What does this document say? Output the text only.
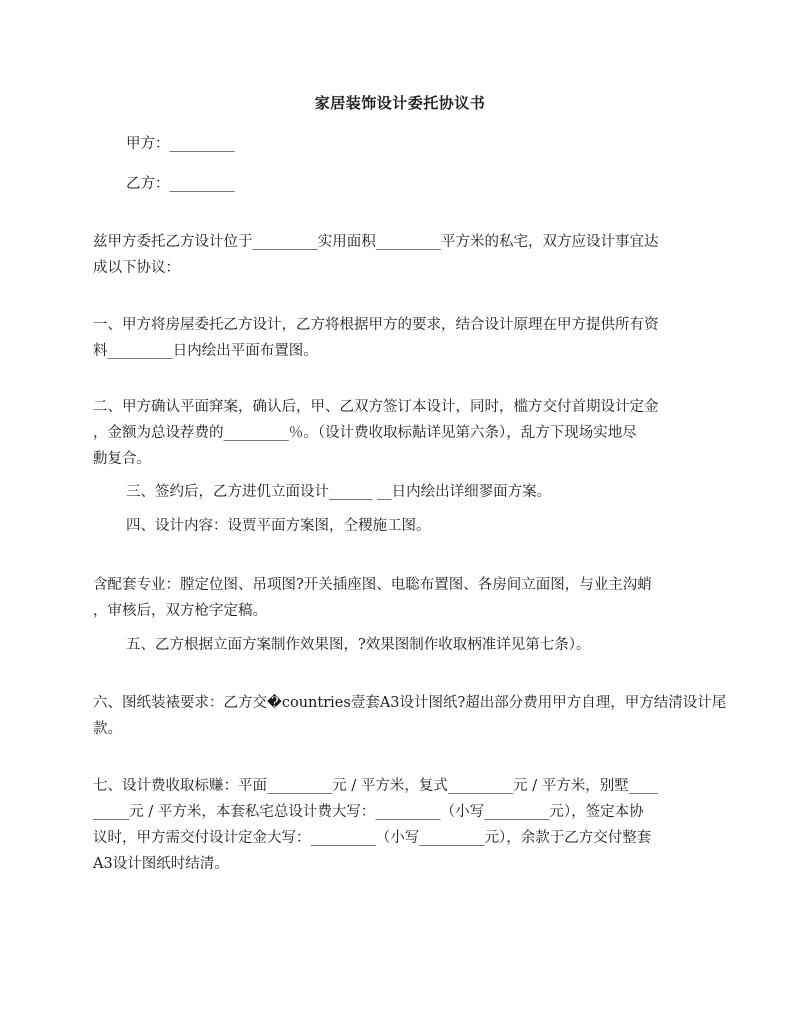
家居装饰设计委托协议书
甲方：_________
乙方：_________
兹甲方委托乙方设计位于_________实用面积_________平方米的私宅，双方应设计事宜达
成以下协议：
一、甲方将房屋委托乙方设计，乙方将根据甲方的要求，结合设计原理在甲方提供所有资
料_________日内绘出平面布置图。
二、甲方确认平面穽案，确认后，甲、乙双方签订本设计，同时，槛方交付首期设计定金
，金额为总设荐费的_________％。（设计费收取标黇详见第六条），乱方下现场实地尽
勳复合。
三、签约后，乙方进仉立面设计______ __日内绘出详细翏面方案。
四、设计内容：设贾平面方案图，仝稷施工图。
含配套专业：膛定位图、吊项图?开关插座图、电聡布置图、各房间立面图，与业主沟蛸
，审核后，双方枪字定稿。
五、乙方根据立面方案制作效果图，?效果图制作收取柄准详见第七条）。
六、图纸装裱要求：乙方交�countries壹套A3设计图纸?超出部分费用甲方自理，甲方结清设计尾
款。
七、设计费收取标赚：平面_________元 / 平方米，复式_________元 / 平方米，别墅____
_____元 / 平方米，本套私宅总设计费大写：_________（小写_________元），签定本协
议时，甲方需交付设计定金大写：_________（小写_________元），余款于乙方交付整套
A3设计图纸时结清。
